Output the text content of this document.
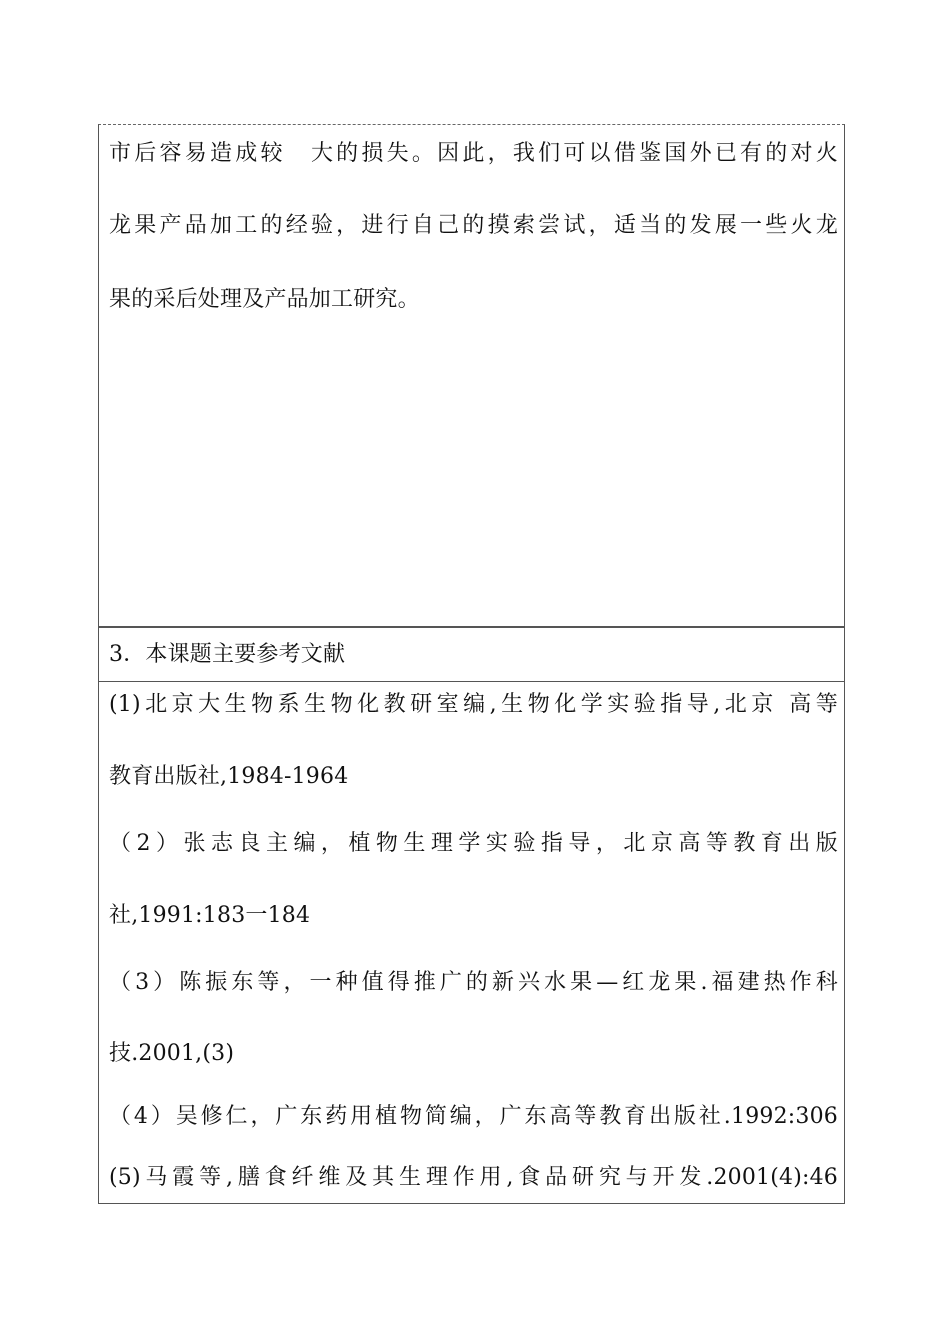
市后容易造成较　大的损失。因此，我们可以借鉴国外已有的对火
龙果产品加工的经验，进行自己的摸索尝试，适当的发展一些火龙
果的采后处理及产品加工研究。
3．本课题主要参考文献
(1)北京大生物系生物化教研室编,生物化学实验指导,北京 高等
教育出版社,1984-1964
（2）张志良主编，植物生理学实验指导，北京高等教育出版
社,1991:183一184
（3）陈振东等，一种值得推广的新兴水果—红龙果.福建热作科
技.2001,(3)
（4）吴修仁，广东药用植物简编，广东高等教育出版社.1992:306
(5)马霞等,膳食纤维及其生理作用,食品研究与开发.2001(4):46
